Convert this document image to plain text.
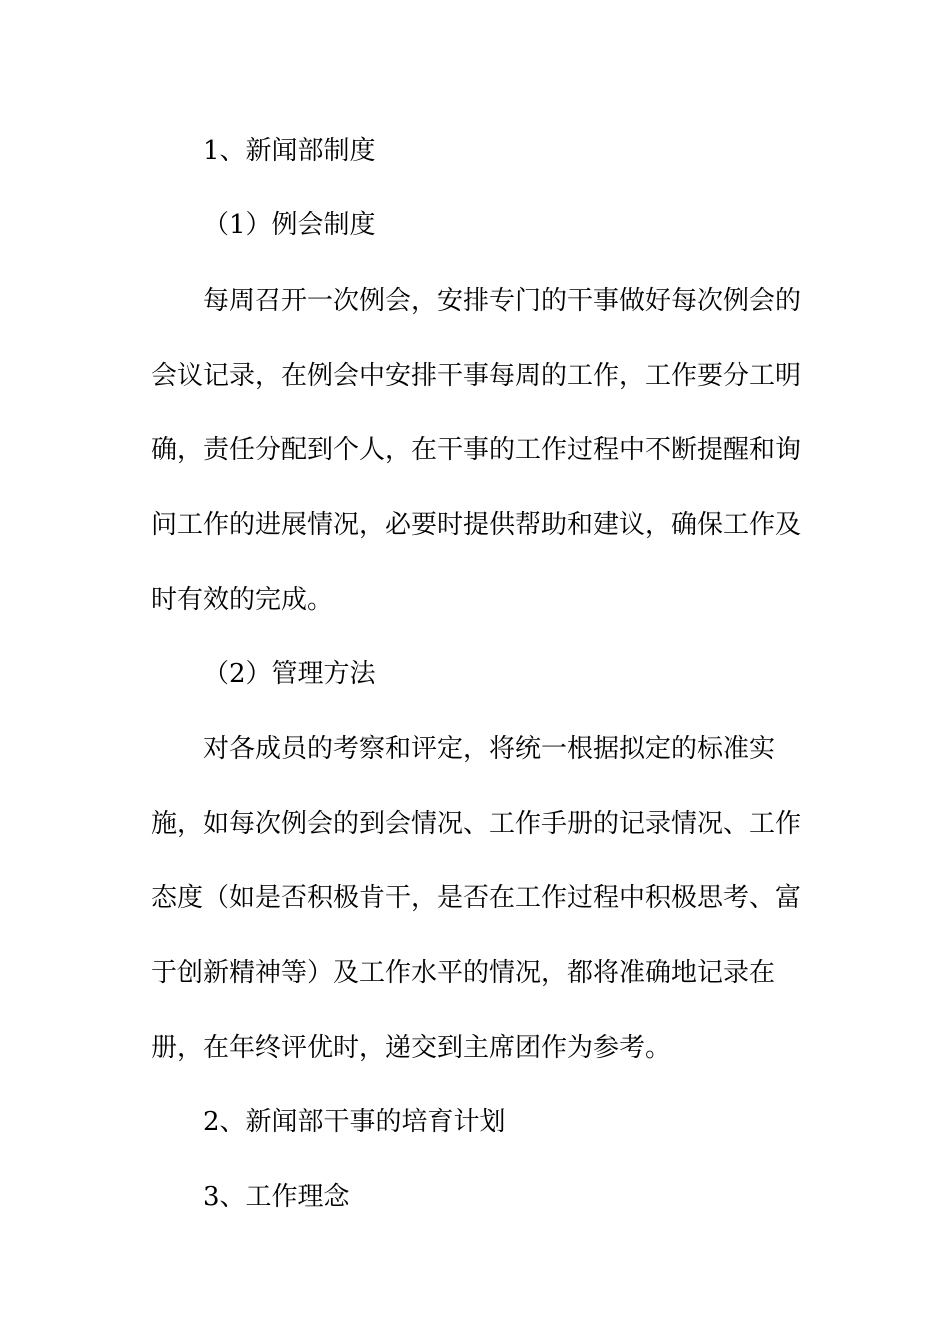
1、新闻部制度
（1）例会制度
每周召开一次例会，安排专门的干事做好每次例会的
会议记录，在例会中安排干事每周的工作，工作要分工明
确，责任分配到个人，在干事的工作过程中不断提醒和询
问工作的进展情况，必要时提供帮助和建议，确保工作及
时有效的完成。
（2）管理方法
对各成员的考察和评定，将统一根据拟定的标准实
施，如每次例会的到会情况、工作手册的记录情况、工作
态度（如是否积极肯干，是否在工作过程中积极思考、富
于创新精神等）及工作水平的情况，都将准确地记录在
册，在年终评优时，递交到主席团作为参考。
2、新闻部干事的培育计划
3、工作理念
